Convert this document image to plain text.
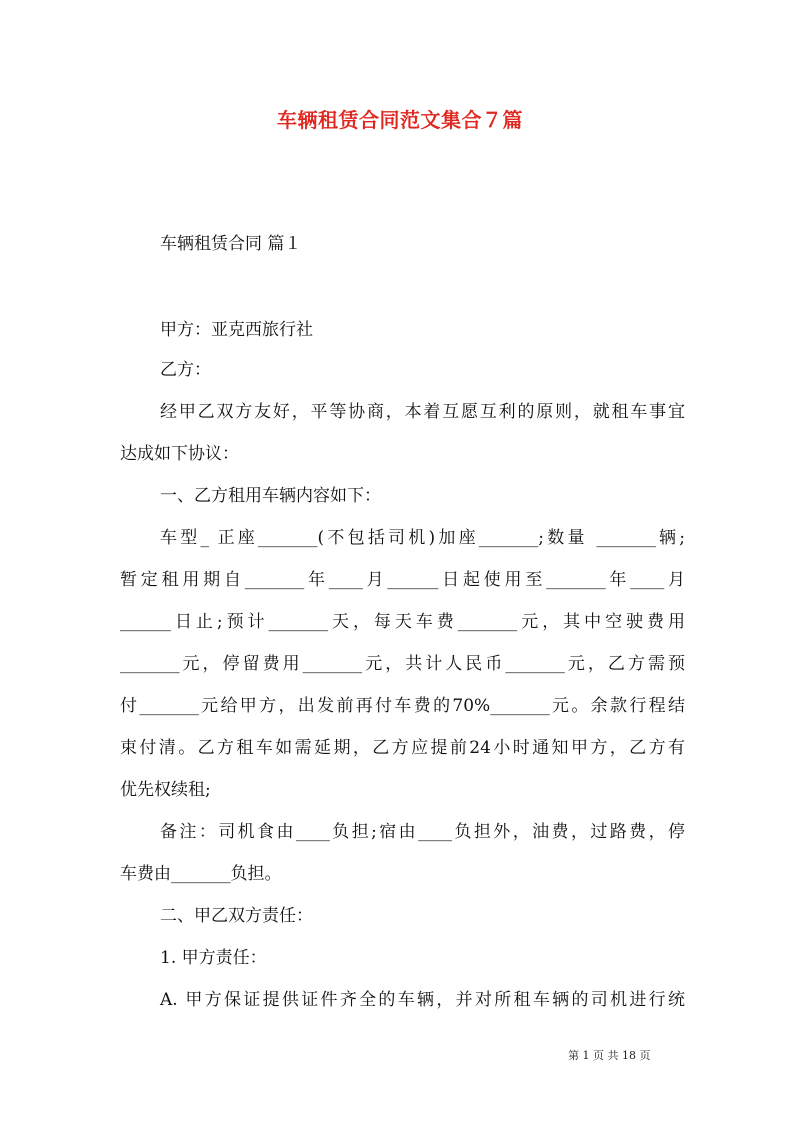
车辆租赁合同范文集合７篇
车辆租赁合同 篇１
甲方：亚克西旅行社
乙方：
经甲乙双方友好，平等协商，本着互愿互利的原则，就租车事宜
达成如下协议：
一、乙方租用车辆内容如下：
车型_ 正座_______(不包括司机)加座_______;数量 _______辆;
暂定租用期自_______年____月______日起使用至_______年____月
______日止;预计_______天，每天车费_______元，其中空驶费用
_______元，停留费用_______元，共计人民币_______元，乙方需预
付_______元给甲方，出发前再付车费的70%_______元。余款行程结
束付清。乙方租车如需延期，乙方应提前24小时通知甲方，乙方有
优先权续租;
备注：司机食由____负担;宿由____负担外，油费，过路费，停
车费由_______负担。
二、甲乙双方责任：
1. 甲方责任：
A. 甲方保证提供证件齐全的车辆，并对所租车辆的司机进行统
第 1 页 共 18 页
